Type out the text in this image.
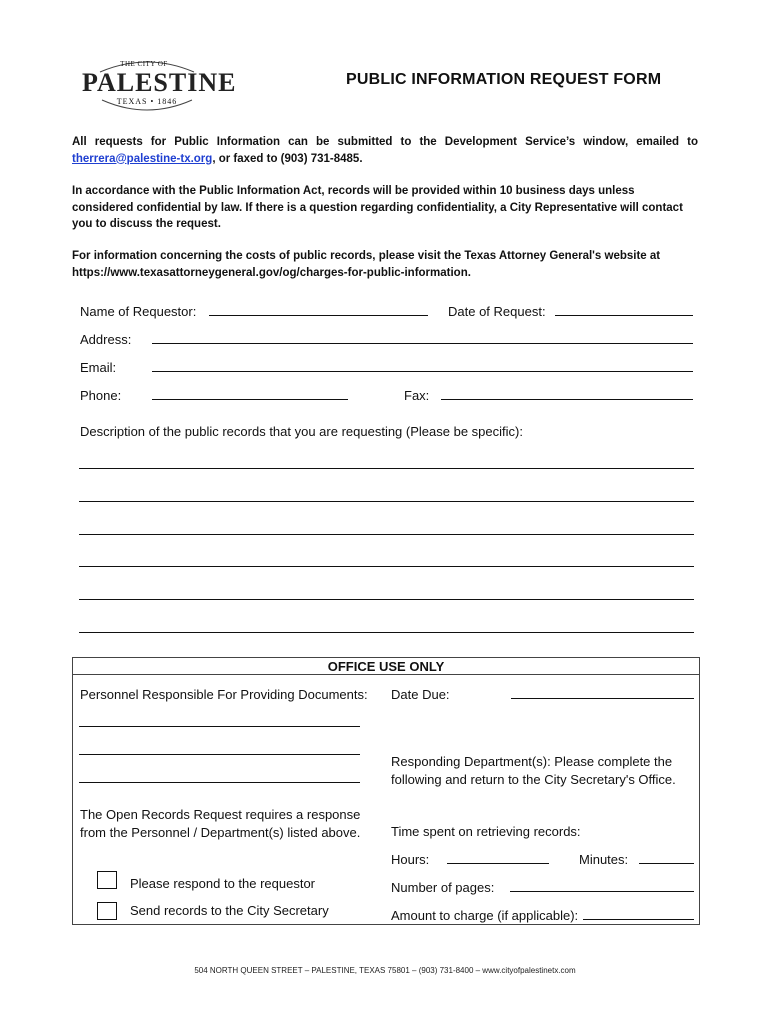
THE CITY OF
PALESTINE
TEXAS • 1846
PUBLIC INFORMATION REQUEST FORM
All requests for Public Information can be submitted to the Development Service’s window, emailed to therrera@palestine-tx.org, or faxed to (903) 731-8485.
In accordance with the Public Information Act, records will be provided within 10 business days unless considered confidential by law. If there is a question regarding confidentiality, a City Representative will contact you to discuss the request.
For information concerning the costs of public records, please visit the Texas Attorney General's website at https://www.texasattorneygeneral.gov/og/charges-for-public-information.
Name of Requestor:	Date of Request:
Address:
Email:
Phone:	Fax:
Description of the public records that you are requesting (Please be specific):
OFFICE USE ONLY
Personnel Responsible For Providing Documents: Date Due:
Responding Department(s): Please complete the following and return to the City Secretary's Office.
The Open Records Request requires a response from the Personnel / Department(s) listed above.	Time spent on retrieving records:
Hours:	Minutes:
Number of pages:
Amount to charge (if applicable):
Please respond to the requestor
Send records to the City Secretary
504 NORTH QUEEN STREET – PALESTINE, TEXAS 75801 – (903) 731-8400 – www.cityofpalestinetx.com
